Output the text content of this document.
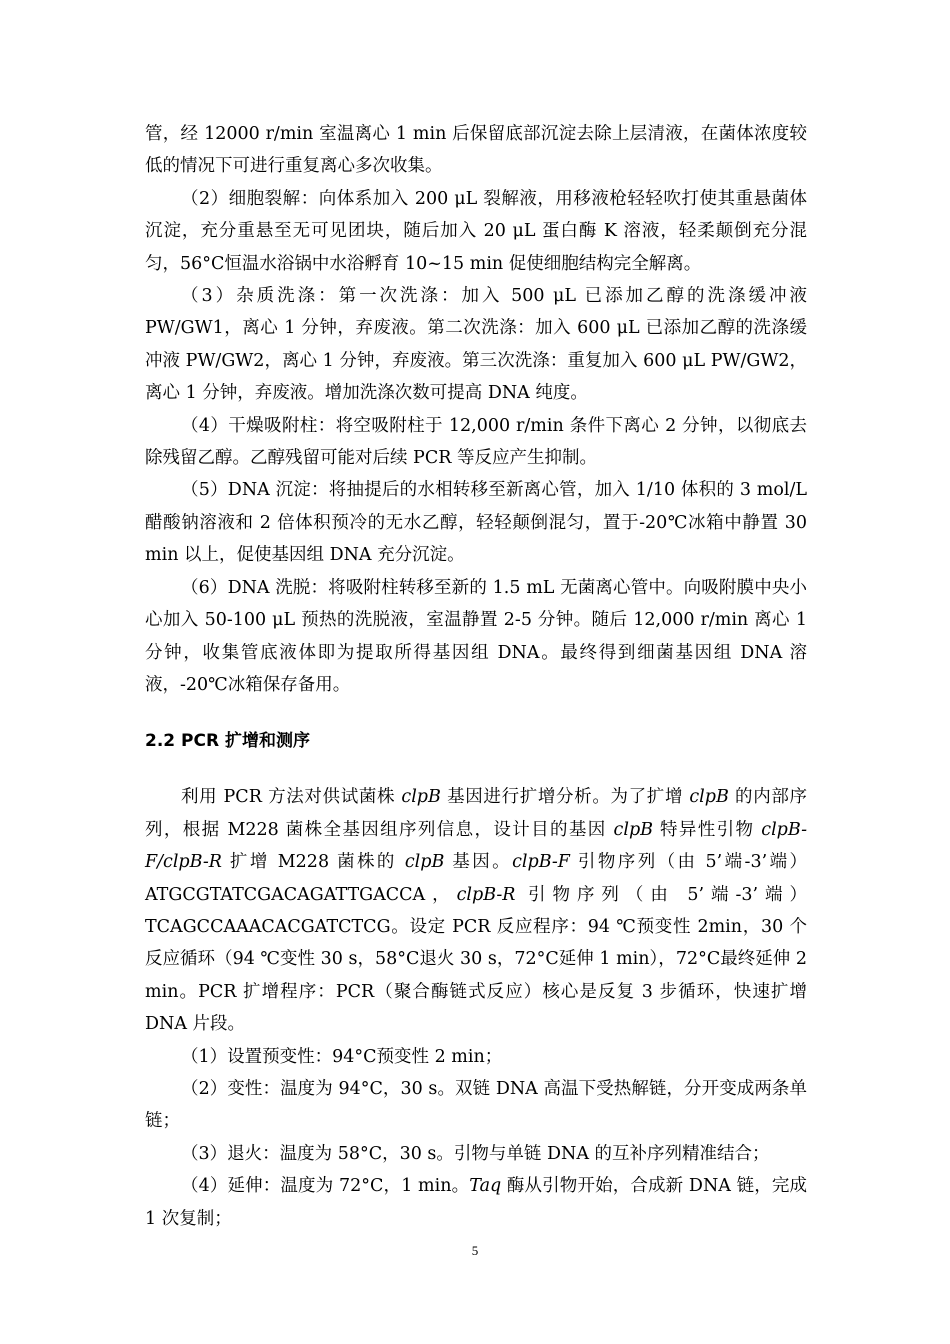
管，经 12000 r/min 室温离心 1 min 后保留底部沉淀去除上层清液，在菌体浓度较低的情况下可进行重复离心多次收集。

（2）细胞裂解：向体系加入 200 μL 裂解液，用移液枪轻轻吹打使其重悬菌体沉淀，充分重悬至无可见团块，随后加入 20 μL 蛋白酶 K 溶液，轻柔颠倒充分混匀，56°C恒温水浴锅中水浴孵育 10~15 min 促使细胞结构完全解离。

（3）杂质洗涤：第一次洗涤：加入 500 μL 已添加乙醇的洗涤缓冲液 PW/GW1，离心 1 分钟，弃废液。第二次洗涤：加入 600 μL 已添加乙醇的洗涤缓冲液 PW/GW2，离心 1 分钟，弃废液。第三次洗涤：重复加入 600 μL PW/GW2，离心 1 分钟，弃废液。增加洗涤次数可提高 DNA 纯度。

（4）干燥吸附柱：将空吸附柱于 12,000 r/min 条件下离心 2 分钟，以彻底去除残留乙醇。乙醇残留可能对后续 PCR 等反应产生抑制。

（5）DNA 沉淀：将抽提后的水相转移至新离心管，加入 1/10 体积的 3 mol/L 醋酸钠溶液和 2 倍体积预冷的无水乙醇，轻轻颠倒混匀，置于-20℃冰箱中静置 30 min 以上，促使基因组 DNA 充分沉淀。

（6）DNA 洗脱：将吸附柱转移至新的 1.5 mL 无菌离心管中。向吸附膜中央小心加入 50-100 μL 预热的洗脱液，室温静置 2-5 分钟。随后 12,000 r/min 离心 1 分钟，收集管底液体即为提取所得基因组 DNA。最终得到细菌基因组 DNA 溶液，-20℃冰箱保存备用。

2.2 PCR 扩增和测序

利用 PCR 方法对供试菌株 clpB 基因进行扩增分析。为了扩增 clpB 的内部序列，根据 M228 菌株全基因组序列信息，设计目的基因 clpB 特异性引物 clpB-F/clpB-R 扩增 M228 菌株的 clpB 基因。clpB-F 引物序列（由 5’端-3’端）ATGCGTATCGACAGATTGACCA，clpB-R 引物序列（由 5’端-3’端）TCAGCCAAACACGATCTCG。设定 PCR 反应程序：94 ℃预变性 2min，30 个反应循环（94 ℃变性 30 s，58°C退火 30 s，72°C延伸 1 min），72°C最终延伸 2 min。PCR 扩增程序：PCR（聚合酶链式反应）核心是反复 3 步循环，快速扩增 DNA 片段。

（1）设置预变性：94°C预变性 2 min；

（2）变性：温度为 94°C，30 s。双链 DNA 高温下受热解链，分开变成两条单链；

（3）退火：温度为 58°C，30 s。引物与单链 DNA 的互补序列精准结合；

（4）延伸：温度为 72°C，1 min。Taq 酶从引物开始，合成新 DNA 链，完成 1 次复制；

5
